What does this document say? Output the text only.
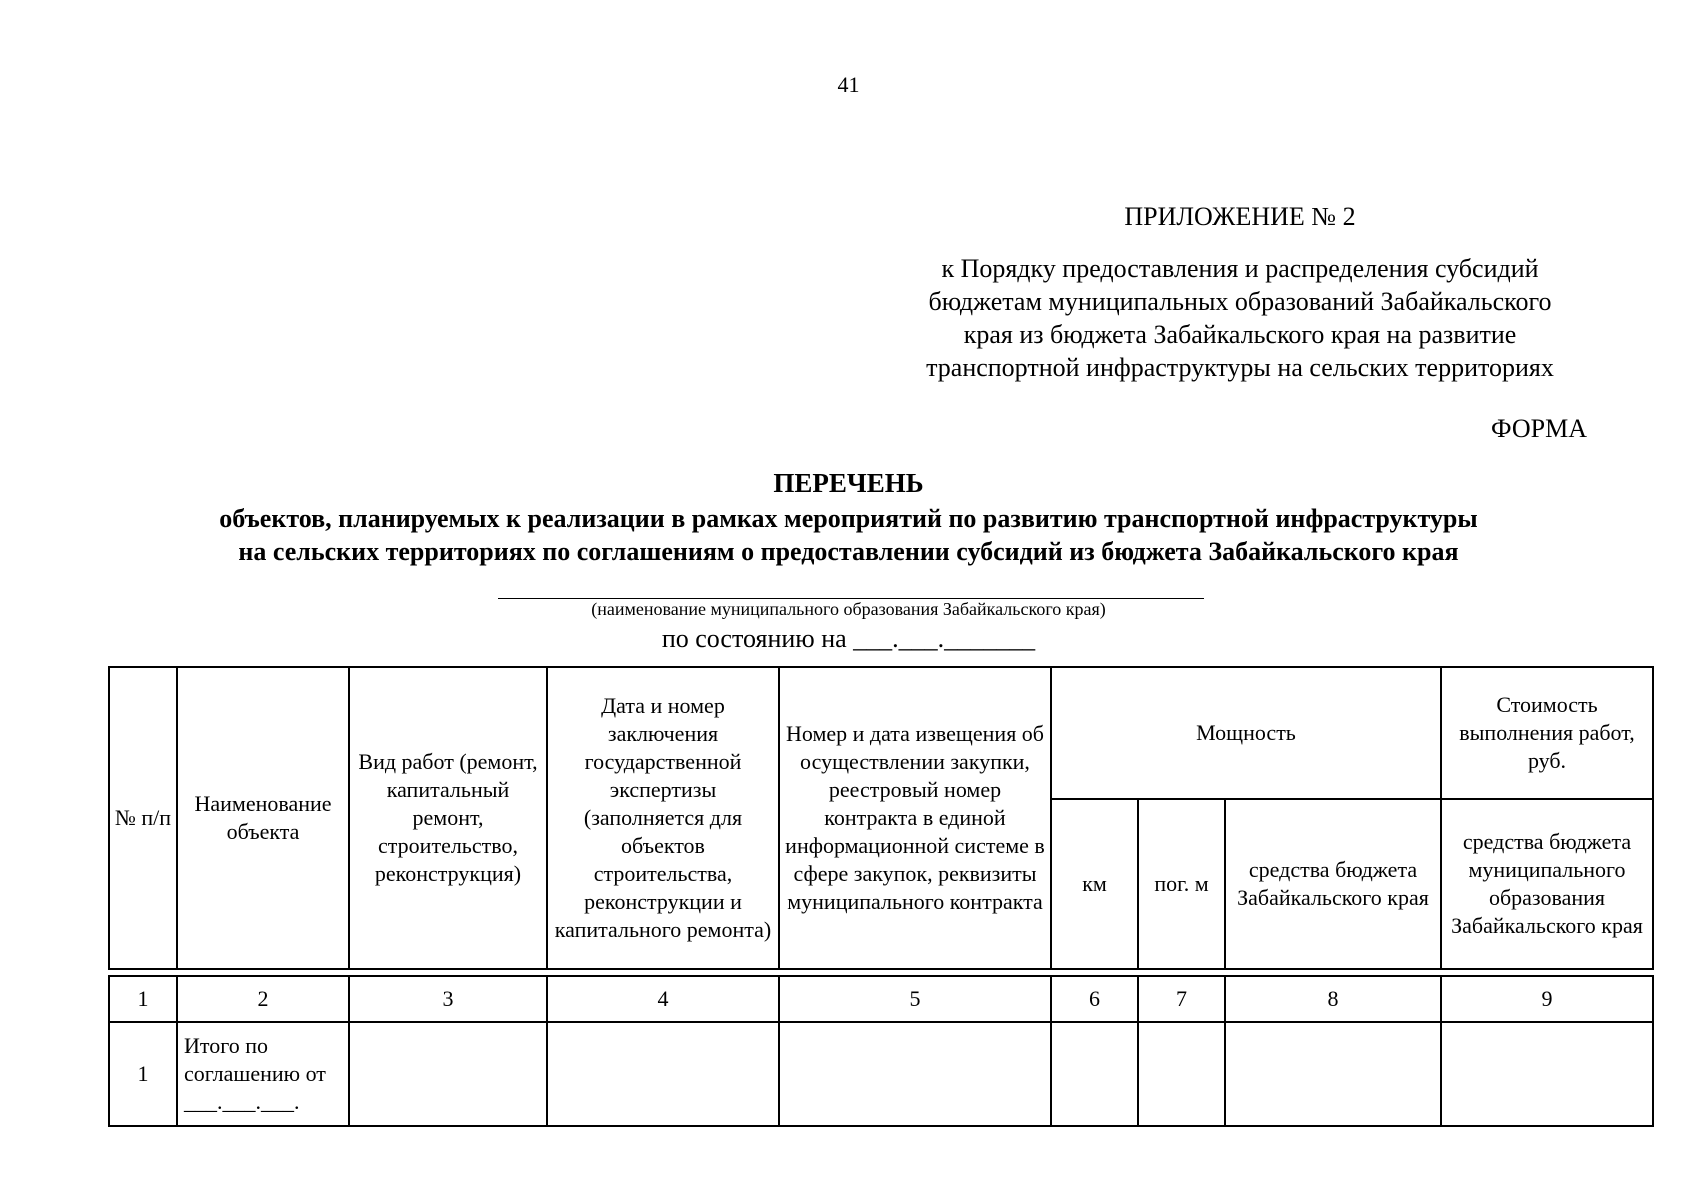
41
ПРИЛОЖЕНИЕ № 2
к Порядку предоставления и распределения субсидий
бюджетам муниципальных образований Забайкальского
края из бюджета Забайкальского края на развитие
транспортной инфраструктуры на сельских территориях
ФОРМА
ПЕРЕЧЕНЬ
объектов, планируемых к реализации в рамках мероприятий по развитию транспортной инфраструктуры
на сельских территориях по соглашениям о предоставлении субсидий из бюджета Забайкальского края
(наименование муниципального образования Забайкальского края)
по состоянию на ___.___._______
№ п/п	Наименование объекта	Вид работ (ремонт, капитальный ремонт, строительство, реконструкция)	Дата и номер заключения государственной экспертизы (заполняется для объектов строительства, реконструкции и капитального ремонта)	Номер и дата извещения об осуществлении закупки, реестровый номер контракта в единой информационной системе в сфере закупок, реквизиты муниципального контракта	Мощность			Стоимость выполнения работ, руб.
					км	пог. м	средства бюджета Забайкальского края	средства бюджета муниципального образования Забайкальского края
1	2	3	4	5	6	7	8	9
1	Итого по соглашению от ___.___.___.							
